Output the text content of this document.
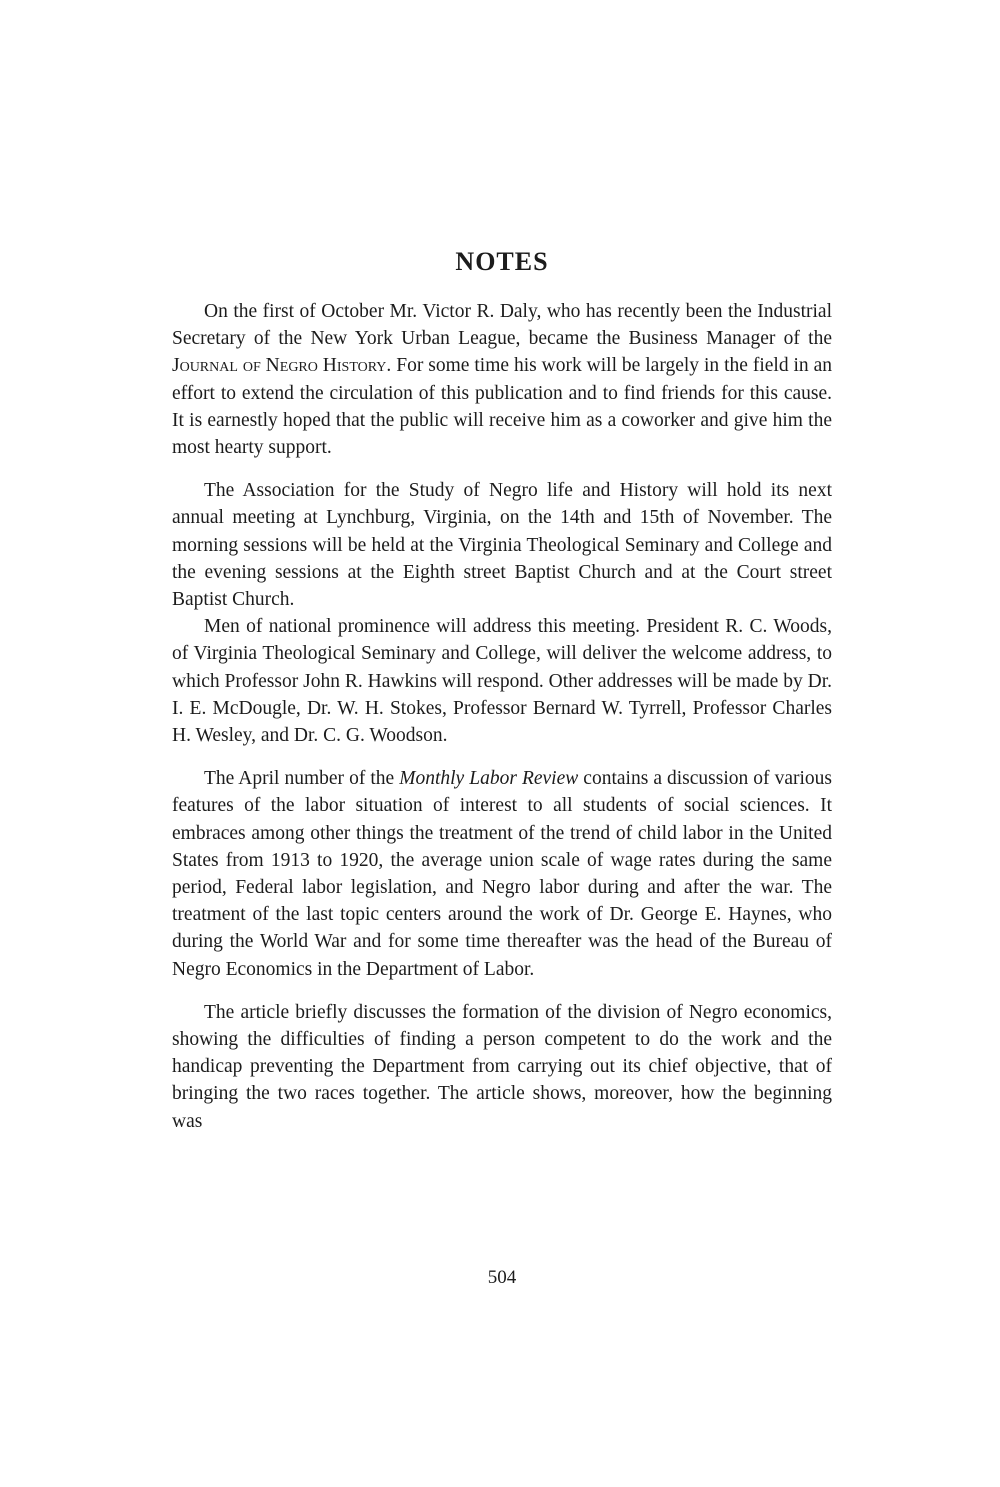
NOTES

On the first of October Mr. Victor R. Daly, who has recently been the Industrial Secretary of the New York Urban League, became the Business Manager of the Journal of Negro History. For some time his work will be largely in the field in an effort to extend the circulation of this publication and to find friends for this cause. It is earnestly hoped that the public will receive him as a coworker and give him the most hearty support.

The Association for the Study of Negro life and History will hold its next annual meeting at Lynchburg, Virginia, on the 14th and 15th of November. The morning sessions will be held at the Virginia Theological Seminary and College and the evening sessions at the Eighth street Baptist Church and at the Court street Baptist Church.

Men of national prominence will address this meeting. President R. C. Woods, of Virginia Theological Seminary and College, will deliver the welcome address, to which Professor John R. Hawkins will respond. Other addresses will be made by Dr. I. E. McDougle, Dr. W. H. Stokes, Professor Bernard W. Tyrrell, Professor Charles H. Wesley, and Dr. C. G. Woodson.

The April number of the Monthly Labor Review contains a discussion of various features of the labor situation of interest to all students of social sciences. It embraces among other things the treatment of the trend of child labor in the United States from 1913 to 1920, the average union scale of wage rates during the same period, Federal labor legislation, and Negro labor during and after the war. The treatment of the last topic centers around the work of Dr. George E. Haynes, who during the World War and for some time thereafter was the head of the Bureau of Negro Economics in the Department of Labor.

The article briefly discusses the formation of the division of Negro economics, showing the difficulties of finding a person competent to do the work and the handicap preventing the Department from carrying out its chief objective, that of bringing the two races together. The article shows, moreover, how the beginning was

504
